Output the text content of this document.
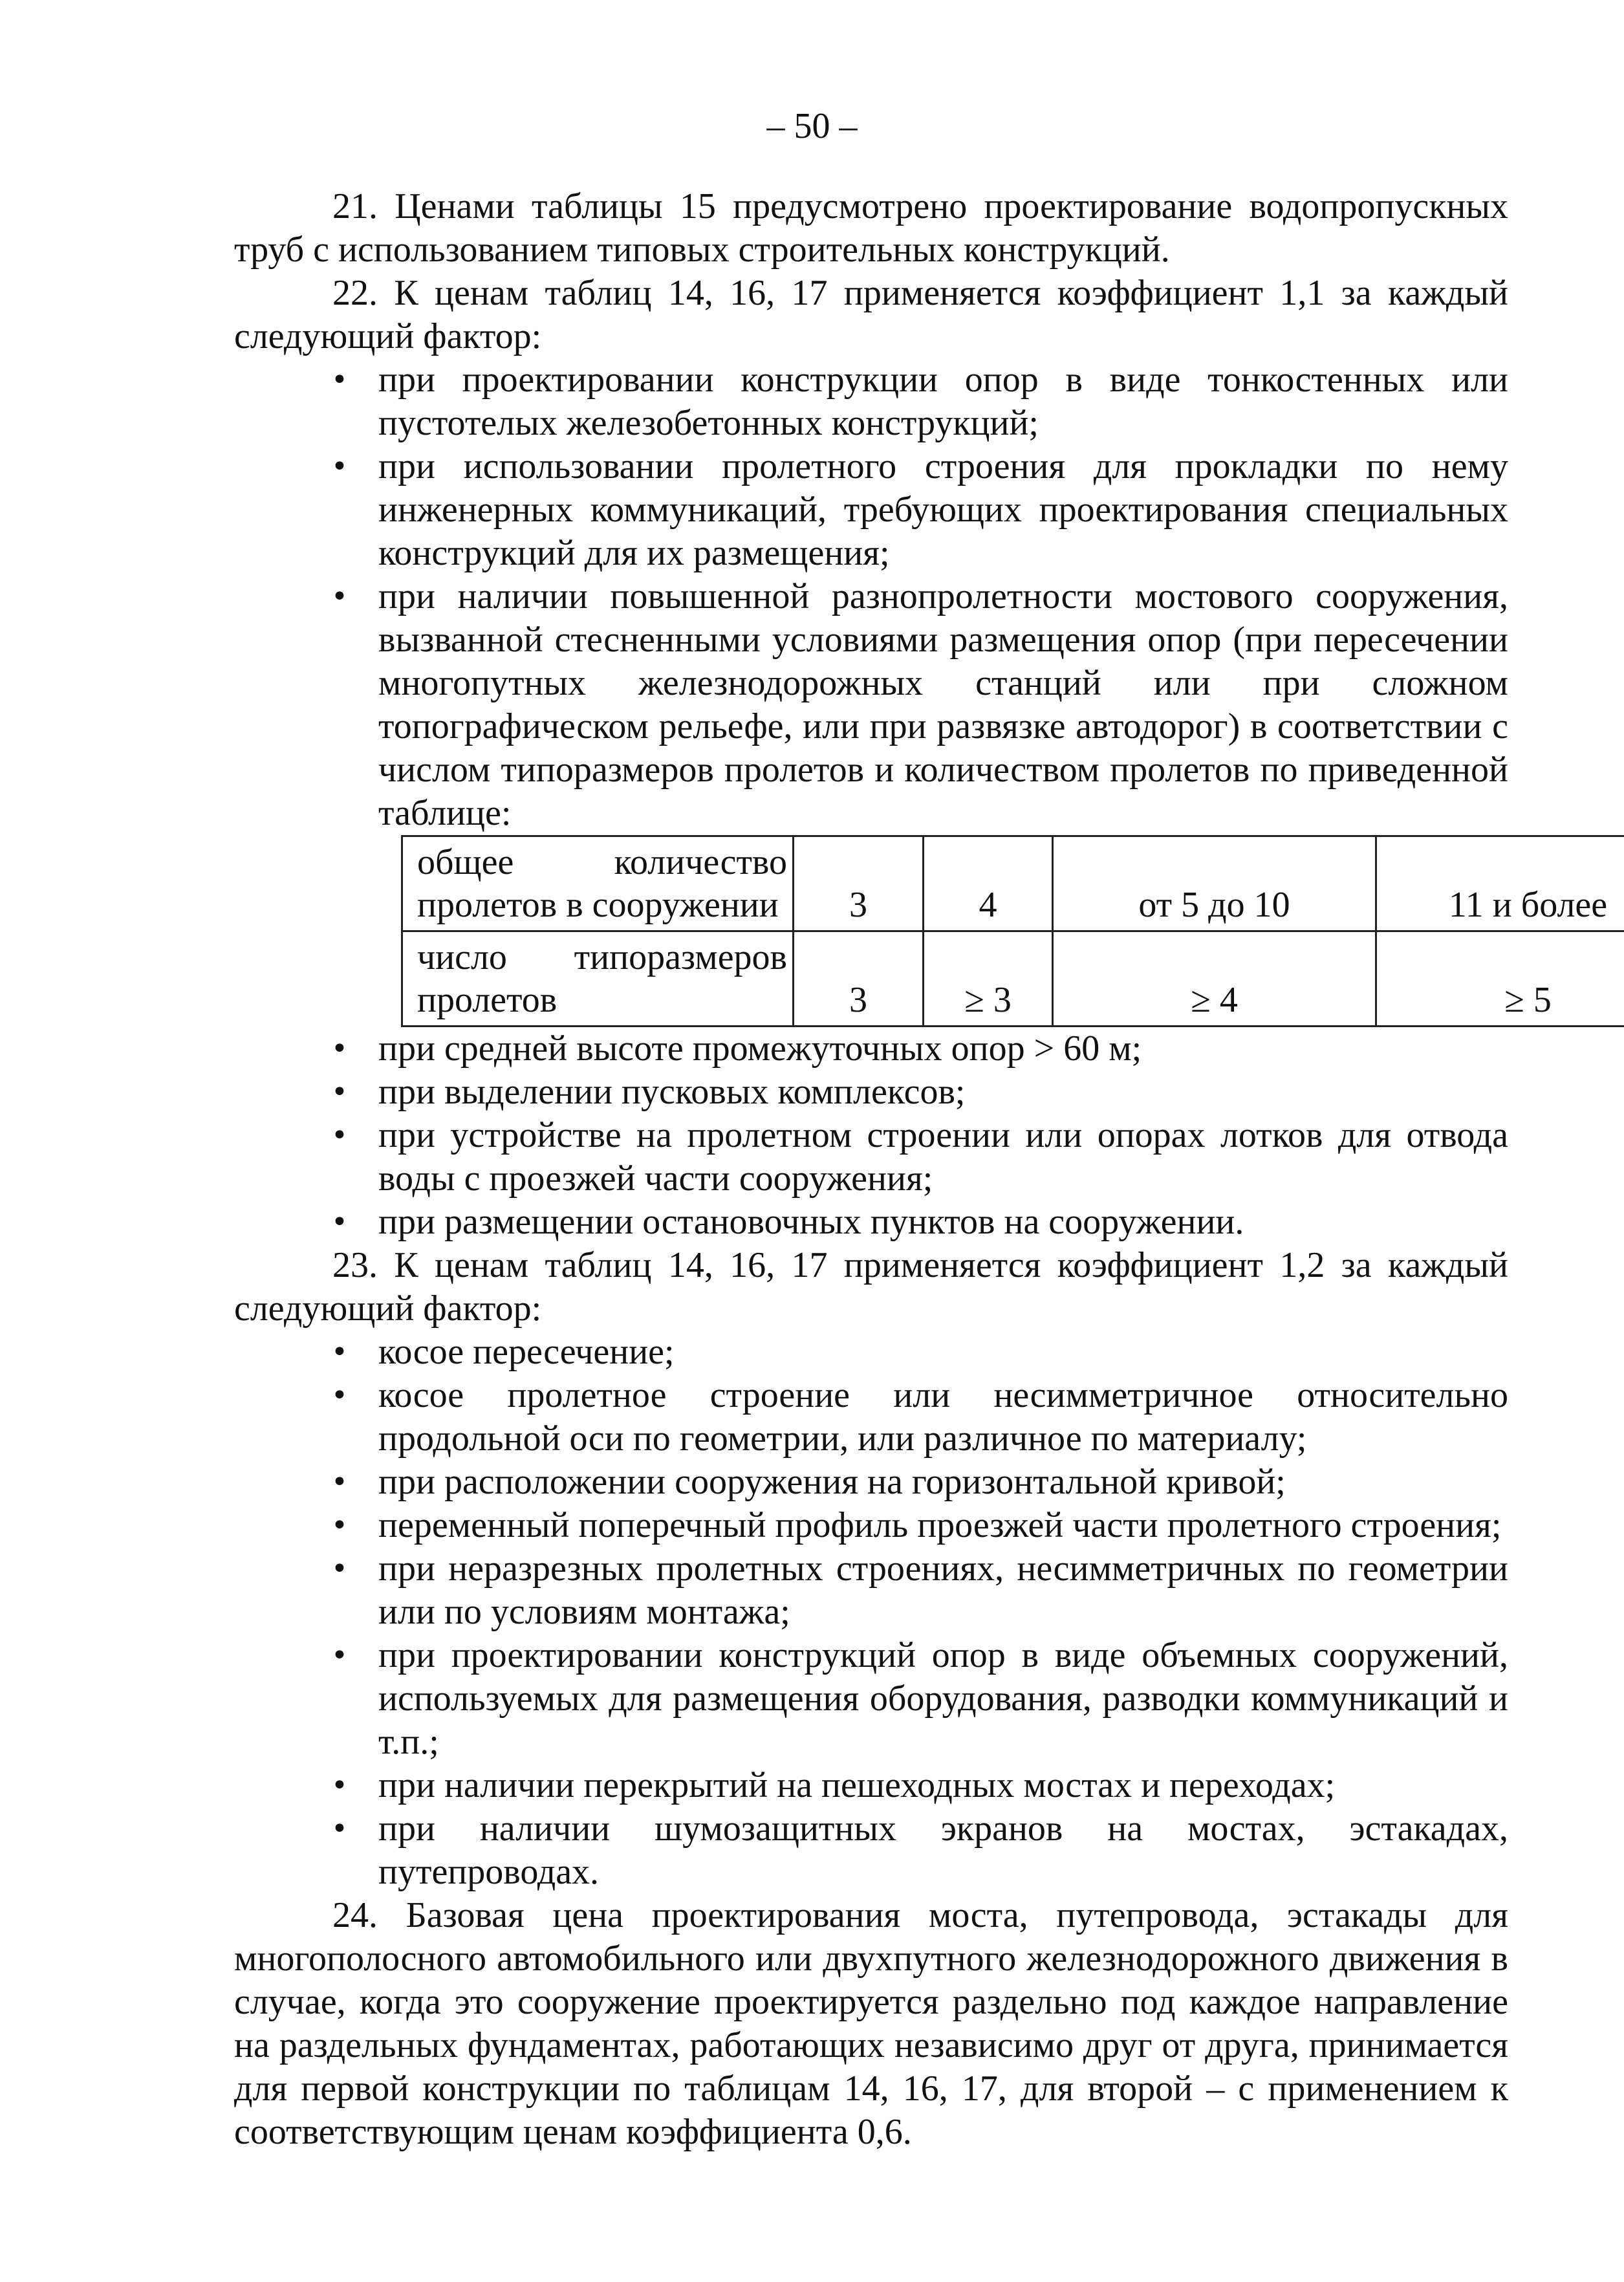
– 50 –

21. Ценами таблицы 15 предусмотрено проектирование водопропускных труб с использованием типовых строительных конструкций.

22. К ценам таблиц 14, 16, 17 применяется коэффициент 1,1 за каждый следующий фактор:

• при проектировании конструкции опор в виде тонкостенных или пустотелых железобетонных конструкций;
• при использовании пролетного строения для прокладки по нему инженерных коммуникаций, требующих проектирования специальных конструкций для их размещения;
• при наличии повышенной разнопролетности мостового сооружения, вызванной стесненными условиями размещения опор (при пересечении многопутных железнодорожных станций или при сложном топографическом рельефе, или при развязке автодорог) в соответствии с числом типоразмеров пролетов и количеством пролетов по приведенной таблице:
общее количество пролетов в сооружении	3	4	от 5 до 10	11 и более

число типоразмеров пролетов	3	≥ 3	≥ 4	≥ 5
• при средней высоте промежуточных опор > 60 м;
• при выделении пусковых комплексов;
• при устройстве на пролетном строении или опорах лотков для отвода воды с проезжей части сооружения;
• при размещении остановочных пунктов на сооружении.

23. К ценам таблиц 14, 16, 17 применяется коэффициент 1,2 за каждый следующий фактор:

• косое пересечение;
• косое пролетное строение или несимметричное относительно продольной оси по геометрии, или различное по материалу;
• при расположении сооружения на горизонтальной кривой;
• переменный поперечный профиль проезжей части пролетного строения;
• при неразрезных пролетных строениях, несимметричных по геометрии или по условиям монтажа;
• при проектировании конструкций опор в виде объемных сооружений, используемых для размещения оборудования, разводки коммуникаций и т.п.;
• при наличии перекрытий на пешеходных мостах и переходах;
• при наличии шумозащитных экранов на мостах, эстакадах, путепроводах.

24. Базовая цена проектирования моста, путепровода, эстакады для многополосного автомобильного или двухпутного железнодорожного движения в случае, когда это сооружение проектируется раздельно под каждое направление на раздельных фундаментах, работающих независимо друг от друга, принимается для первой конструкции по таблицам 14, 16, 17, для второй – с применением к соответствующим ценам коэффициента 0,6.
